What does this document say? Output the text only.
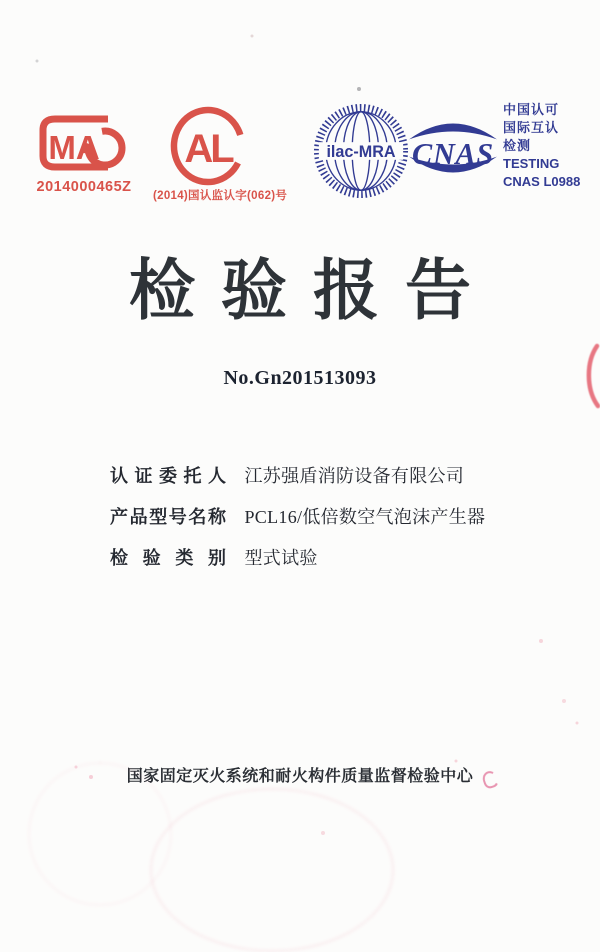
MA
2014000465Z
AL
(2014)国认监认字(062)号
ilac-MRA CNAS
中国认可
国际互认
检测
TESTING
CNAS L0988
检验报告
No.Gn201513093
认证委托人 江苏强盾消防设备有限公司
产品型号名称 PCL16/低倍数空气泡沫产生器
检验类别 型式试验
国家固定灭火系统和耐火构件质量监督检验中心
